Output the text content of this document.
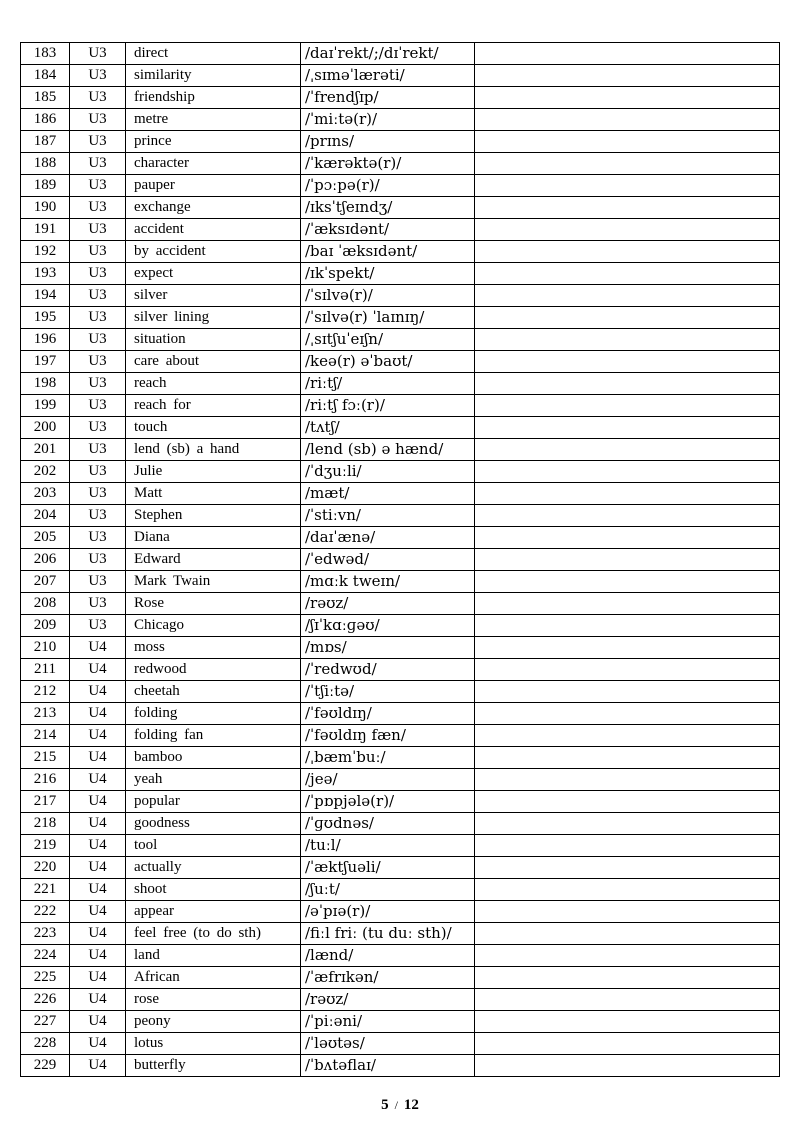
183	U3	direct	/daɪˈrekt/;/dɪˈrekt/	
184	U3	similarity	/ˌsɪməˈlærəti/	
185	U3	friendship	/ˈfrendʃɪp/	
186	U3	metre	/ˈmiːtə(r)/	
187	U3	prince	/prɪns/	
188	U3	character	/ˈkærəktə(r)/	
189	U3	pauper	/ˈpɔːpə(r)/	
190	U3	exchange	/ɪksˈtʃeɪndʒ/	
191	U3	accident	/ˈæksɪdənt/	
192	U3	by accident	/baɪ ˈæksɪdənt/	
193	U3	expect	/ɪkˈspekt/	
194	U3	silver	/ˈsɪlvə(r)/	
195	U3	silver lining	/ˈsɪlvə(r) ˈlaɪnɪŋ/	
196	U3	situation	/ˌsɪtʃuˈeɪʃn/	
197	U3	care about	/keə(r) əˈbaʊt/	
198	U3	reach	/riːtʃ/	
199	U3	reach for	/riːtʃ fɔː(r)/	
200	U3	touch	/tʌtʃ/	
201	U3	lend (sb) a hand	/lend (sb) ə hænd/	
202	U3	Julie	/ˈdʒuːli/	
203	U3	Matt	/mæt/	
204	U3	Stephen	/ˈstiːvn/	
205	U3	Diana	/daɪˈænə/	
206	U3	Edward	/ˈedwəd/	
207	U3	Mark Twain	/mɑːk tweɪn/	
208	U3	Rose	/rəʊz/	
209	U3	Chicago	/ʃɪˈkɑːɡəʊ/	
210	U4	moss	/mɒs/	
211	U4	redwood	/ˈredwʊd/	
212	U4	cheetah	/ˈtʃiːtə/	
213	U4	folding	/ˈfəʊldɪŋ/	
214	U4	folding fan	/ˈfəʊldɪŋ fæn/	
215	U4	bamboo	/ˌbæmˈbuː/	
216	U4	yeah	/jeə/	
217	U4	popular	/ˈpɒpjələ(r)/	
218	U4	goodness	/ˈɡʊdnəs/	
219	U4	tool	/tuːl/	
220	U4	actually	/ˈæktʃuəli/	
221	U4	shoot	/ʃuːt/	
222	U4	appear	/əˈpɪə(r)/	
223	U4	feel free (to do sth)	/fiːl friː (tu duː sth)/	
224	U4	land	/lænd/	
225	U4	African	/ˈæfrɪkən/	
226	U4	rose	/rəʊz/	
227	U4	peony	/ˈpiːəni/	
228	U4	lotus	/ˈləʊtəs/	
229	U4	butterfly	/ˈbʌtəflaɪ/	
5 / 12
